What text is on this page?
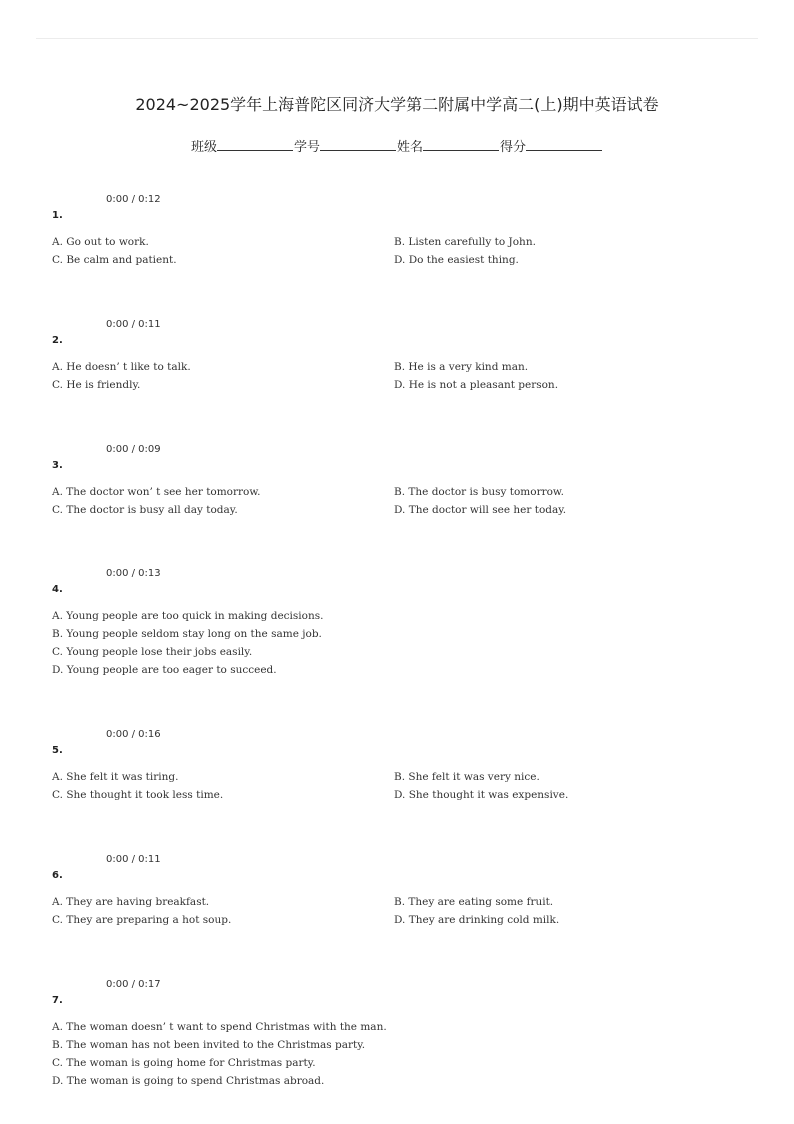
2024~2025学年上海普陀区同济大学第二附属中学高二(上)期中英语试卷
班级	学号	姓名	得分
0:00 / 0:12
1.
A. Go out to work.	B. Listen carefully to John.
C. Be calm and patient.	D. Do the easiest thing.
0:00 / 0:11
2.
A. He doesn’ t like to talk.	B. He is a very kind man.
C. He is friendly.	D. He is not a pleasant person.
0:00 / 0:09
3.
A. The doctor won’ t see her tomorrow.	B. The doctor is busy tomorrow.
C. The doctor is busy all day today.	D. The doctor will see her today.
0:00 / 0:13
4.
A. Young people are too quick in making decisions.
B. Young people seldom stay long on the same job.
C. Young people lose their jobs easily.
D. Young people are too eager to succeed.
0:00 / 0:16
5.
A. She felt it was tiring.	B. She felt it was very nice.
C. She thought it took less time.	D. She thought it was expensive.
0:00 / 0:11
6.
A. They are having breakfast.	B. They are eating some fruit.
C. They are preparing a hot soup.	D. They are drinking cold milk.
0:00 / 0:17
7.
A. The woman doesn’ t want to spend Christmas with the man.
B. The woman has not been invited to the Christmas party.
C. The woman is going home for Christmas party.
D. The woman is going to spend Christmas abroad.
